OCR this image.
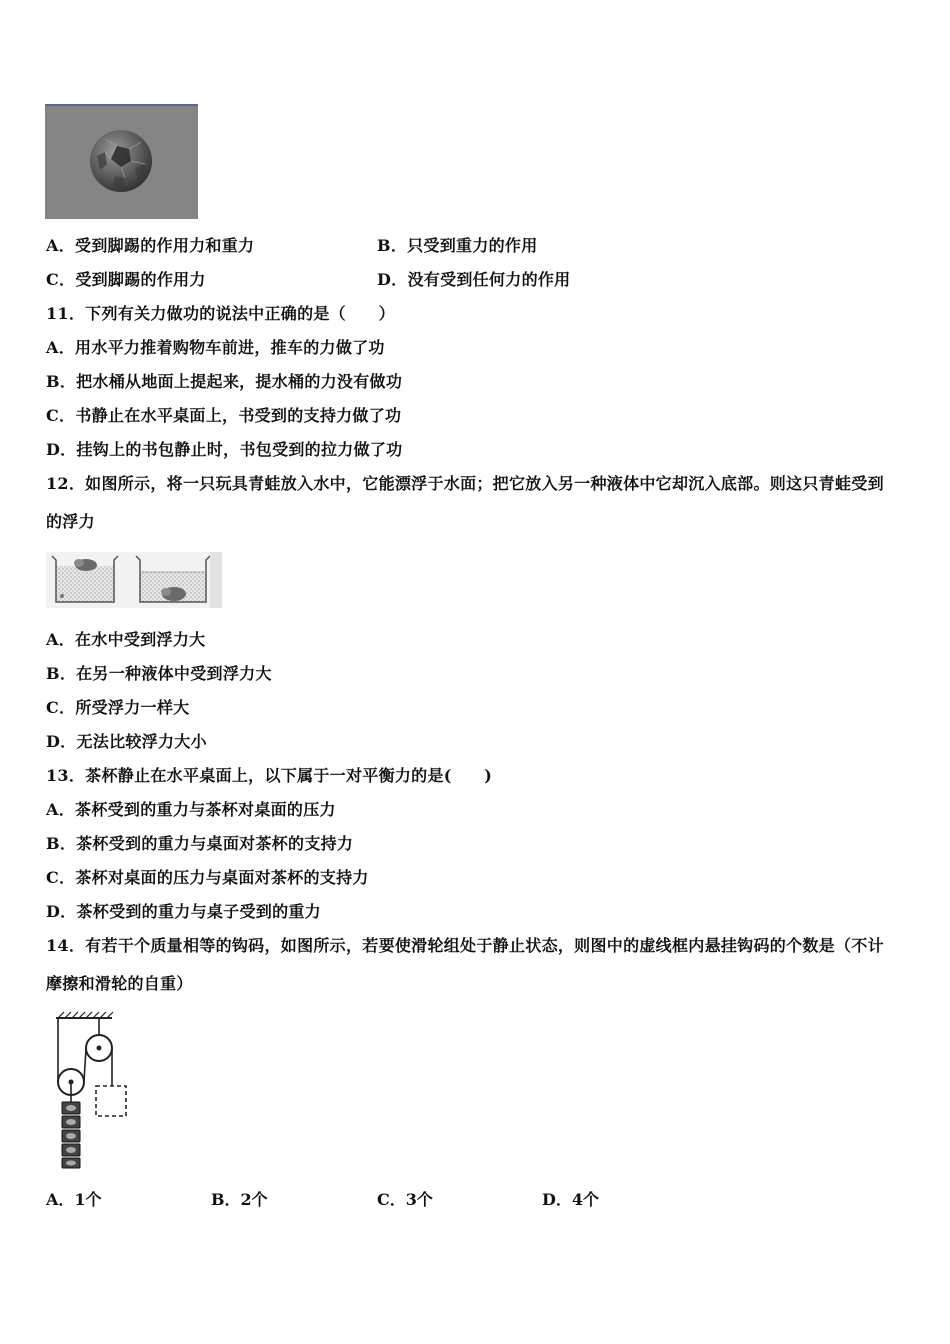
A．受到脚踢的作用力和重力	B．只受到重力的作用
C．受到脚踢的作用力	D．没有受到任何力的作用
11．下列有关力做功的说法中正确的是（　　）
A．用水平力推着购物车前进，推车的力做了功
B．把水桶从地面上提起来，提水桶的力没有做功
C．书静止在水平桌面上，书受到的支持力做了功
D．挂钩上的书包静止时，书包受到的拉力做了功
12．如图所示，将一只玩具青蛙放入水中，它能漂浮于水面；把它放入另一种液体中它却沉入底部。则这只青蛙受到
的浮力
A．在水中受到浮力大
B．在另一种液体中受到浮力大
C．所受浮力一样大
D．无法比较浮力大小
13．茶杯静止在水平桌面上，以下属于一对平衡力的是(　　)
A．茶杯受到的重力与茶杯对桌面的压力
B．茶杯受到的重力与桌面对茶杯的支持力
C．茶杯对桌面的压力与桌面对茶杯的支持力
D．茶杯受到的重力与桌子受到的重力
14．有若干个质量相等的钩码，如图所示，若要使滑轮组处于静止状态，则图中的虚线框内悬挂钩码的个数是（不计
摩擦和滑轮的自重）
A．1个	B．2个	C．3个	D．4个
